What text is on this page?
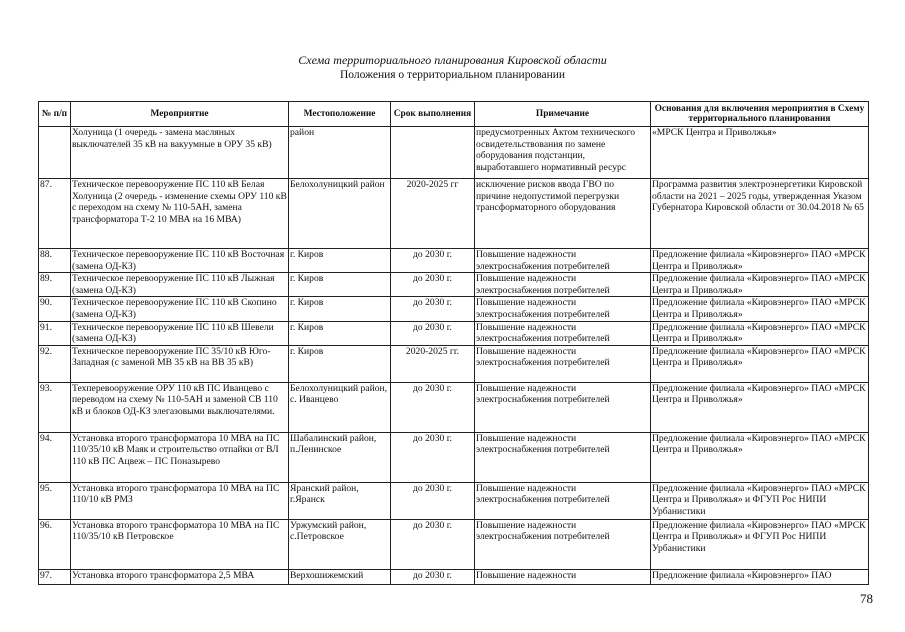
Схема территориального планирования Кировской области
Положения о территориальном планировании
№ п/п	Мероприятие	Местоположение	Срок выполнения	Примечание	Основания для включения мероприятия в Схему территориального планирования
	Холуница (1 очередь - замена масляных выключателей 35 кВ на вакуумные в ОРУ 35 кВ)	район		предусмотренных Актом технического освидетельствования по замене оборудования подстанции, выработавшего нормативный ресурс	«МРСК Центра и Приволжья»
87.	Техническое перевооружение ПС 110 кВ Белая Холуница (2 очередь - изменение схемы ОРУ 110 кВ с переходом на схему № 110-5АН, замена трансформатора Т-2 10 МВА на 16 МВА)	Белохолуницкий район	2020-2025 гг	исключение рисков ввода ГВО по причине недопустимой перегрузки трансформаторного оборудования	Программа развития электроэнергетики Кировской области на 2021 – 2025 годы, утвержденная Указом Губернатора Кировской области от 30.04.2018 № 65
88.	Техническое перевооружение ПС 110 кВ Восточная (замена ОД-КЗ)	г. Киров	до 2030 г.	Повышение надежности электроснабжения потребителей	Предложение филиала «Кировэнерго» ПАО «МРСК Центра и Приволжья»
89.	Техническое перевооружение ПС 110 кВ Лыжная (замена ОД-КЗ)	г. Киров	до 2030 г.	Повышение надежности электроснабжения потребителей	Предложение филиала «Кировэнерго» ПАО «МРСК Центра и Приволжья»
90.	Техническое перевооружение ПС 110 кВ Скопино (замена ОД-КЗ)	г. Киров	до 2030 г.	Повышение надежности электроснабжения потребителей	Предложение филиала «Кировэнерго» ПАО «МРСК Центра и Приволжья»
91.	Техническое перевооружение ПС 110 кВ Шевели (замена ОД-КЗ)	г. Киров	до 2030 г.	Повышение надежности электроснабжения потребителей	Предложение филиала «Кировэнерго» ПАО «МРСК Центра и Приволжья»
92.	Техническое перевооружение ПС 35/10 кВ Юго-Западная (с заменой МВ 35 кВ на ВВ 35 кВ)	г. Киров	2020-2025 гг.	Повышение надежности электроснабжения потребителей	Предложение филиала «Кировэнерго» ПАО «МРСК Центра и Приволжья»
93.	Техперевооружение ОРУ 110 кВ ПС Иванцево с переводом на схему № 110-5АН и заменой СВ 110 кВ и блоков ОД-КЗ элегазовыми выключателями.	Белохолуницкий район, с. Иванцево	до 2030 г.	Повышение надежности электроснабжения потребителей	Предложение филиала «Кировэнерго» ПАО «МРСК Центра и Приволжья»
94.	Установка второго трансформатора 10 МВА на ПС 110/35/10 кВ Маяк и строительство отпайки от ВЛ 110 кВ ПС Ацвеж – ПС Поназырево	Шабалинский район, п.Ленинское	до 2030 г.	Повышение надежности электроснабжения потребителей	Предложение филиала «Кировэнерго» ПАО «МРСК Центра и Приволжья»
95.	Установка второго трансформатора 10 МВА на ПС 110/10 кВ РМЗ	Яранский район, г.Яранск	до 2030 г.	Повышение надежности электроснабжения потребителей	Предложение филиала «Кировэнерго» ПАО «МРСК Центра и Приволжья» и ФГУП Рос НИПИ Урбанистики
96.	Установка второго трансформатора 10 МВА на ПС 110/35/10 кВ Петровское	Уржумский район, с.Петровское	до 2030 г.	Повышение надежности электроснабжения потребителей	Предложение филиала «Кировэнерго» ПАО «МРСК Центра и Приволжья» и ФГУП Рос НИПИ Урбанистики
97.	Установка второго трансформатора 2,5 МВА	Верхошижемский	до 2030 г.	Повышение надежности	Предложение филиала «Кировэнерго» ПАО
78
